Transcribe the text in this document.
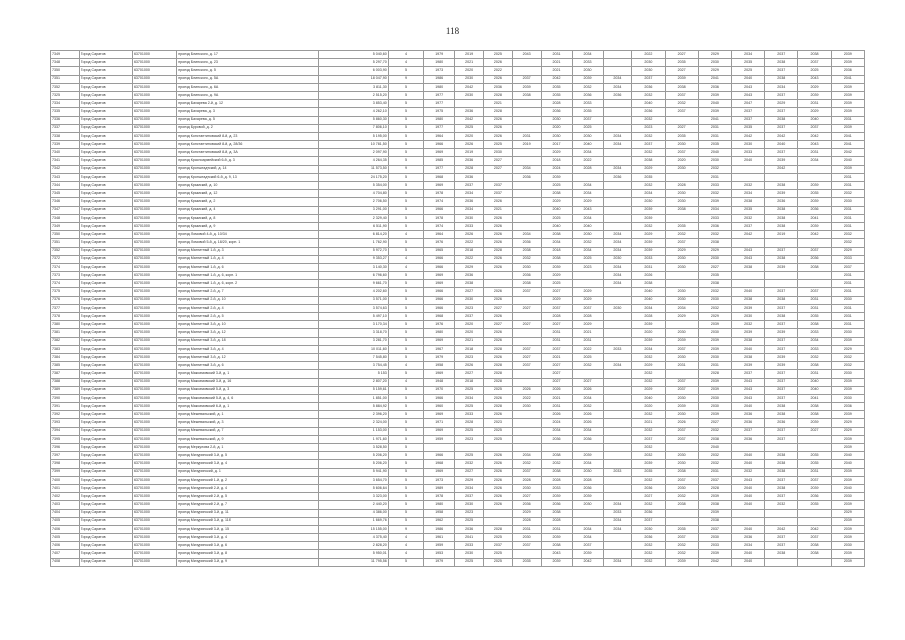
118
7349	Город Саратов	63701000	проезд Блинского, д. 17	5 040,60	4	1979	2019	2025	2043	2031	2034		2022	2027	2029	2034	2037	2038	2039
7348	Город Саратов	63701000	проезд Блинского, д. 23	5 297,70	4	1980	2021	2026		2021	2033		2030	2035	2030	2035	2038	2037	2039
7350	Город Саратов	63701000	проезд Блинского, д. 5	6 003,90	5	1973	2020	2022		2021	2030		2030	2027	2029	2025	2037	2025	2036
7351	Город Саратов	63701000	проезд Блинского, д. 5А	18 047,90	9	1986	2030	2026	2037	2042	2039	2034	2037	2039	2041	2040	2038	2043	2041
7352	Город Саратов	63701000	проезд Блинского, д. 6А	3 811,30	5	1980	2042	2036	2039	2035	2032	2034	2036	2038	2036	2043	2034	2029	2039
7325	Город Саратов	63701000	проезд Блинского, д. 9А	2 515,20	5	1977	2030	2028	2038	2035	2036	2036	2032	2037	2039	2043	2037	2039	2039
7334	Город Саратов	63701000	проезд Бахарева 2-й, д. 12	3 853,40	5	1977		2021		2028	2033		2040	2032	2040	2047	2029	2031	2039
7335	Город Саратов	63701000	проезд Бахарева, д. 3	4 262,10	5	1975	2036	2028		2036	2035		2036	2037	2039	2037	2037	2029	2039
7336	Город Саратов	63701000	проезд Бахарева, д. 5	5 860,30	5	1980	2042	2026		2030	2037		2032		2041	2037	2038	2040	2031
7337	Город Саратов	63701000	проезд Буровой, д. 2	7 806,10	5	1977	2025	2026		2020	2025		2023	2027	2031	2035	2037	2037	2039
7338	Город Саратов	63701000	проезд Константиновский 8-й, д. 23	5 195,00	5	1964	2020	2026	2031	2030	2030	2034	2032	2035	2031	2042	2042	2042	2041
7339	Город Саратов	63701000	проезд Константиновский 8-й, д. 28/36	10 781,50	5	1966	2026	2025	2019	2017	2040	2034	2037	2030	2035	2030	2040	2043	2041
7340	Город Саратов	63701000	проезд Константиновский 8-й, д. 3А	2 097,90	5	1969	2019	2030		2029	2034		2032	2037	2040	2033	2037	2031	2042
7341	Город Саратов	63701000	проезд Красноармейский 6-й, д. 3	4 264,35	5	1985	2036	2027		2018	2022		2038	2020	2030	2040	2039	2034	2040
7342	Город Саратов	63701000	проезд Кронштадтский, д. 14	11 573,50	9	1977	2028	2027	2034	2024	2028	2034	2029	2030	2032		2042		2039
7343	Город Саратов	63701000	проезд Кронштадтский 6-й, д. 9, 13	24 175,20	5	1968	2036		2036	2039		2036	2035		2031				2031
7344	Город Саратов	63701000	проезд Крымский, д. 10	5 354,00	5	1969	2037	2037		2025	2034		2032	2028	2033	2032	2038	2039	2031
7345	Город Саратов	63701000	проезд Крымский, д. 12	4 704,80	5	1978	2034	2037		2038	2034		2034	2030	2032	2034	2039	2035	2032
7346	Город Саратов	63701000	проезд Крымский, д. 2	2 706,50	5	1974	2036	2026		2029	2029		2030	2030	2039	2038	2036	2039	2030
7347	Город Саратов	63701000	проезд Крымский, д. 4	3 291,00	5	1966	2034	2021		2040	2043		2039	2038	2034	2035	2038	2036	2031
7348	Город Саратов	63701000	проезд Крымский, д. 8	2 329,40	5	1978	2030	2026		2025	2034		2039		2033	2032	2038	2041	2031
7349	Город Саратов	63701000	проезд Крымский, д. 9	6 511,90	5	1974	2033	2026		2040	2040		2032	2035	2036	2037	2038	2039	2031
7350	Город Саратов	63701000	проезд Ломовой 4-й, д. 10/34	6 814,20	4	1964	2026	2026	2034	2038	2030	2034	2029	2032	2032	2042	2019	2042	2032
7351	Город Саратов	63701000	проезд Ломовой 5-й, д. 18/20, корп. 1	1 762,90	5	1976	2022	2026	2036	2034	2032	2034	2039	2037	2038				2032
7352	Город Саратов	63701000	проезд Магнитный 1-й, д. 3	5 972,70	5	1965	2018	2028	2038	2018	2034	2034	2039	2029	2029	2043	2037	2037	2029
7372	Город Саратов	63701000	проезд Магнитный 1-й, д. 4	9 353,27	4	1966	2022	2026	2032	2038	2025	2030	2033	2030	2030	2043	2038	2036	2033
7374	Город Саратов	63701000	проезд Магнитный 1-й, д. 6	3 140,30	4	1966	2029	2026	2030	2039	2023	2034	2031	2030	2027	2038	2039	2038	2037
7373	Город Саратов	63701000	проезд Магнитный 1-й, д. 6, корп. 1	6 796,60	5	1969	2036		2036	2029		2034	2026		2035				2031
7374	Город Саратов	63701000	проезд Магнитный 1-й, д. 6, корп. 2	9 661,70	5	1969	2038		2038	2025		2034	2038		2038				2031
7375	Город Саратов	63701000	проезд Магнитный 2-й, д. 7	4 202,60	5	1966	2027	2026	2037	2027	2029		2040	2030	2032	2040	2037	2037	2031
7376	Город Саратов	63701000	проезд Магнитный 2-й, д. 10	3 571,00	5	1966	2030	2026		2029	2029		2040	2030	2030	2038	2038	2031	2030
7377	Город Саратов	63701000	проезд Магнитный 2-й, д. 4	3 574,63	5	1966	2023	2027	2027	2037	2037	2030	2034	2034	2032	2039	2037	2031	2031
7378	Город Саратов	63701000	проезд Магнитный 2-й, д. 5	5 497,10	5	1968	2037	2026		2028	2028		2028	2029	2029	2030	2038	2035	2031
7380	Город Саратов	63701000	проезд Магнитный 3-й, д. 10	3 170,34	5	1976	2020	2027	2027	2027	2029		2039		2039	2032	2037	2038	2031
7381	Город Саратов	63701000	проезд Магнитный 3-й, д. 12	3 318,70	5	1980	2020	2026		2031	2021		2020	2030	2030	2039	2039	2033	2030
7382	Город Саратов	63701000	проезд Магнитный 3-й, д. 18	3 281,70	5	1969	2021	2026		2031	2031		2039	2039	2039	2038	2037	2034	2039
7383	Город Саратов	63701000	проезд Магнитный 3-й, д. 4	10 011,60	5	1967	2018	2028	2037	2037	2022	2033	2034	2037	2039	2040	2037	2033	2029
7384	Город Саратов	63701000	проезд Магнитный 3-й, д. 12	7 545,80	5	1979	2023	2026	2027	2021	2025		2032	2030	2030	2038	2039	2032	2032
7385	Город Саратов	63701000	проезд Магнитный 3-й, д. 6	3 754,45	4	1958	2026	2028	2037	2027	2032	2034	2029	2031	2031	2039	2039	2038	2032
7387	Город Саратов	63701000	проезд Максимовский 3-й, д. 1	5 153	5	1969	2027	2028		2027			2032		2028	2037	2037	2031	2030
7388	Город Саратов	63701000	проезд Максимовский 3-й, д. 16	2 807,20	4	1948	2018	2028		2027	2027		2032	2037	2039	2043	2037	2040	2039
7389	Город Саратов	63701000	проезд Максимовский 5-й, д. 3	5 159,61	5	1970	2025	2025	2026	2026	2026		2029	2037	2039	2043	2037	2040	2039
7390	Город Саратов	63701000	проезд Максимовский 5-й, д. 4, 6	1 851,00	5	1966	2034	2026	2022	2021	2034		2040	2030	2030	2043	2037	2041	2030
7391	Город Саратов	63701000	проезд Максимовский 6-й, д. 1	5 884,92	5	1960	2025	2028	2030	2031	2032		2020	2039	2030	2040	2038	2038	2036
7392	Город Саратов	63701000	проезд Межевальский, д. 1	2 396,20	5	1969	2033	2026		2026	2026		2032	2030	2039	2036	2038	2038	2039
7393	Город Саратов	63701000	проезд Межевальский, д. 3	2 324,00	5	1971	2028	2023		2024	2026		2021	2026	2027	2036	2036	2039	2029
7394	Город Саратов	63701000	проезд Межевальский, д. 7	1 153,00	5	1969	2025	2025		2034	2034		2032	2037	2032	2037	2037	2027	2029
7395	Город Саратов	63701000	проезд Межевальский, д. 9	1 971,60	5	1959	2023	2025		2036	2036		2037	2037	2038	2036	2037		2039
7396	Город Саратов	63701000	проезд Меркулова 2-й, д. 1	3 528,50	5								2032		2040				2039
7397	Город Саратов	63701000	проезд Мичуринский 3-й, д. 5	5 206,20	5	1966	2025	2026	2034	2038	2039		2032	2030	2032	2040	2038	2035	2040
7398	Город Саратов	63701000	проезд Мичуринский 3-й, д. 4	5 206,20	5	1968	2032	2026	2032	2032	2034		2039	2030	2032	2040	2038	2035	2040
7399	Город Саратов	63701000	проезд Мичуринский, д. 1	5 941,90	5	1969	2027	2026	2037	2038	2030	2033	2035	2038	2031	2032	2038	2031	2039
7400	Город Саратов	63701000	проезд Мичуринский 1-й, д. 2	3 654,70	5	1973	2029	2026	2028	2028	2028		2032	2037	2037	2043	2037	2037	2039
7401	Город Саратов	63701000	проезд Мичуринский 2-й, д. 4	5 606,64	5	1989	2034	2026	2030	2033	2036		2036	2030	2028	2040	2038	2039	2040
7402	Город Саратов	63701000	проезд Мичуринский 2-й, д. 5	3 323,00	5	1978	2037	2026	2027	2039	2039		2027	2032	2039	2040	2037	2036	2030
7403	Город Саратов	63701000	проезд Мичуринский 2-й, д. 7	2 440,20	5	1980	2030	2026	2036	2036	2030	2034	2032	2038	2038	2040	2032	2035	2039
7404	Город Саратов	63701000	проезд Мичуринский 3-й, д. 11	4 386,00	5	1958	2023		2029	2038		2033	2036		2039				2029
7405	Город Саратов	63701000	проезд Мичуринский 3-й, д. 11б	1 669,76	5	1962	2025		2028	2028		2034	2037		2038				2039
7406	Город Саратов	63701000	проезд Мичуринский 3-й, д. 15	15 155,00	9	1986	2036	2028	2031	2031	2034	2034	2030	2035	2037	2040	2042	2042	2039
7405	Город Саратов	63701000	проезд Мичуринский 3-й, д. 4	4 375,40	4	1961	2041	2025	2030	2039	2034		2036	2037	2030	2036	2037	2037	2039
7406	Город Саратов	63701000	проезд Мичуринский 3-й, д. 6	2 828,20	4	1959	2033	2037	2037	2038	2037		2032	2032	2033	2034	2037	2038	2030
7407	Город Саратов	63701000	проезд Мичуринский 3-й, д. 8	5 950,01	4	1953	2030	2025		2043	2039		2032	2032	2039	2040	2038	2038	2039
7408	Город Саратов	63701000	проезд Мичуринский 3-й, д. 9	11 795,56	5	1979	2025	2025	2035	2039	2042	2034	2032	2039	2042	2040			2039
